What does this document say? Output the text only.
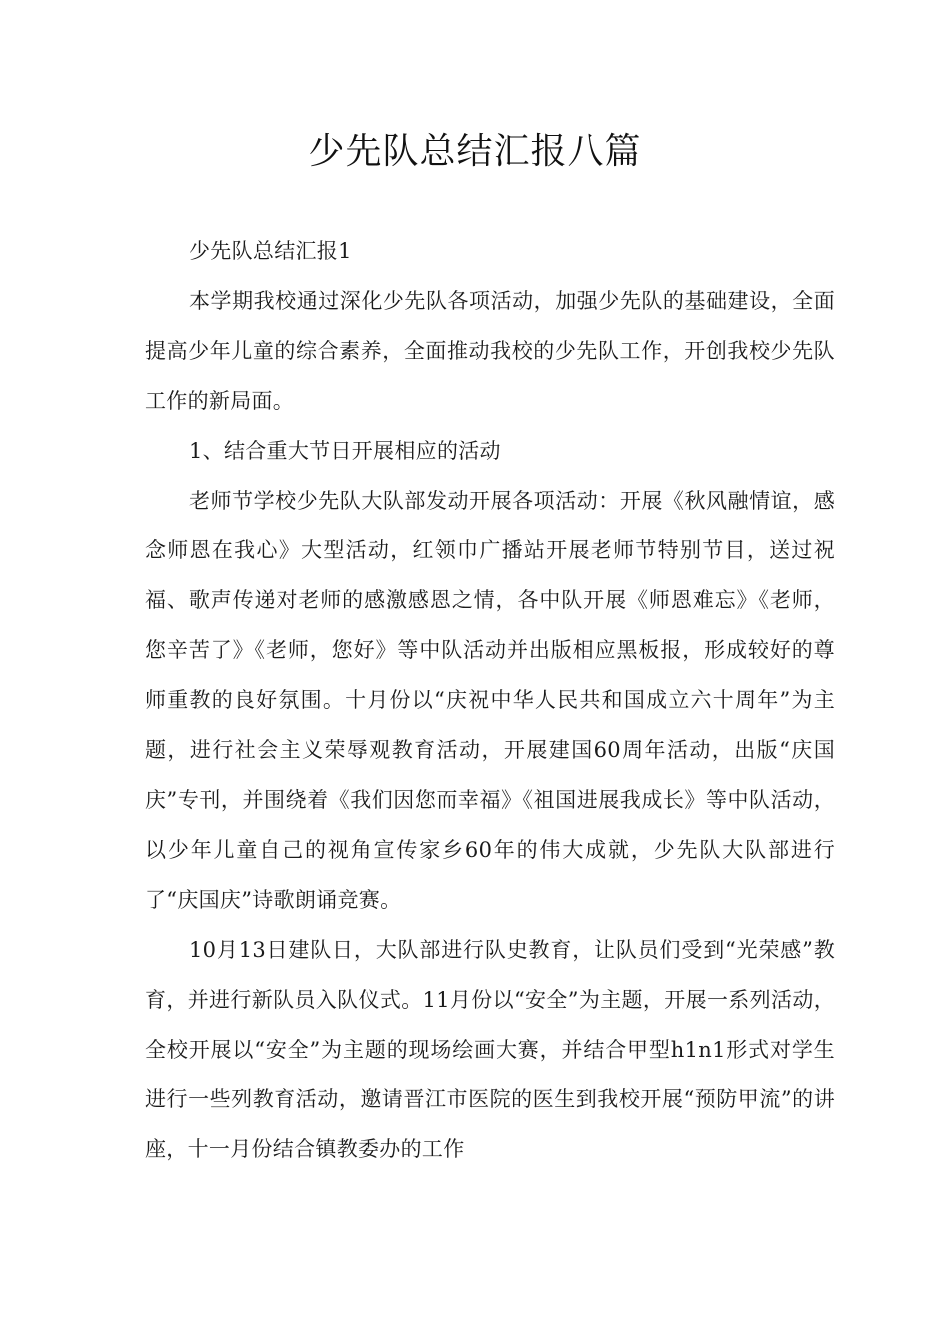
少先队总结汇报八篇

少先队总结汇报1

本学期我校通过深化少先队各项活动，加强少先队的基础建设，全面提高少年儿童的综合素养，全面推动我校的少先队工作，开创我校少先队工作的新局面。

1、结合重大节日开展相应的活动

老师节学校少先队大队部发动开展各项活动：开展《秋风融情谊，感念师恩在我心》大型活动，红领巾广播站开展老师节特别节目，送过祝福、歌声传递对老师的感激感恩之情，各中队开展《师恩难忘》《老师，您辛苦了》《老师，您好》等中队活动并出版相应黑板报，形成较好的尊师重教的良好氛围。十月份以“庆祝中华人民共和国成立六十周年”为主题，进行社会主义荣辱观教育活动，开展建国60周年活动，出版“庆国庆”专刊，并围绕着《我们因您而幸福》《祖国进展我成长》等中队活动，以少年儿童自己的视角宣传家乡60年的伟大成就，少先队大队部进行了“庆国庆”诗歌朗诵竞赛。

10月13日建队日，大队部进行队史教育，让队员们受到“光荣感”教育，并进行新队员入队仪式。11月份以“安全”为主题，开展一系列活动，全校开展以“安全”为主题的现场绘画大赛，并结合甲型h1n1形式对学生进行一些列教育活动，邀请晋江市医院的医生到我校开展“预防甲流”的讲座，十一月份结合镇教委办的工作
